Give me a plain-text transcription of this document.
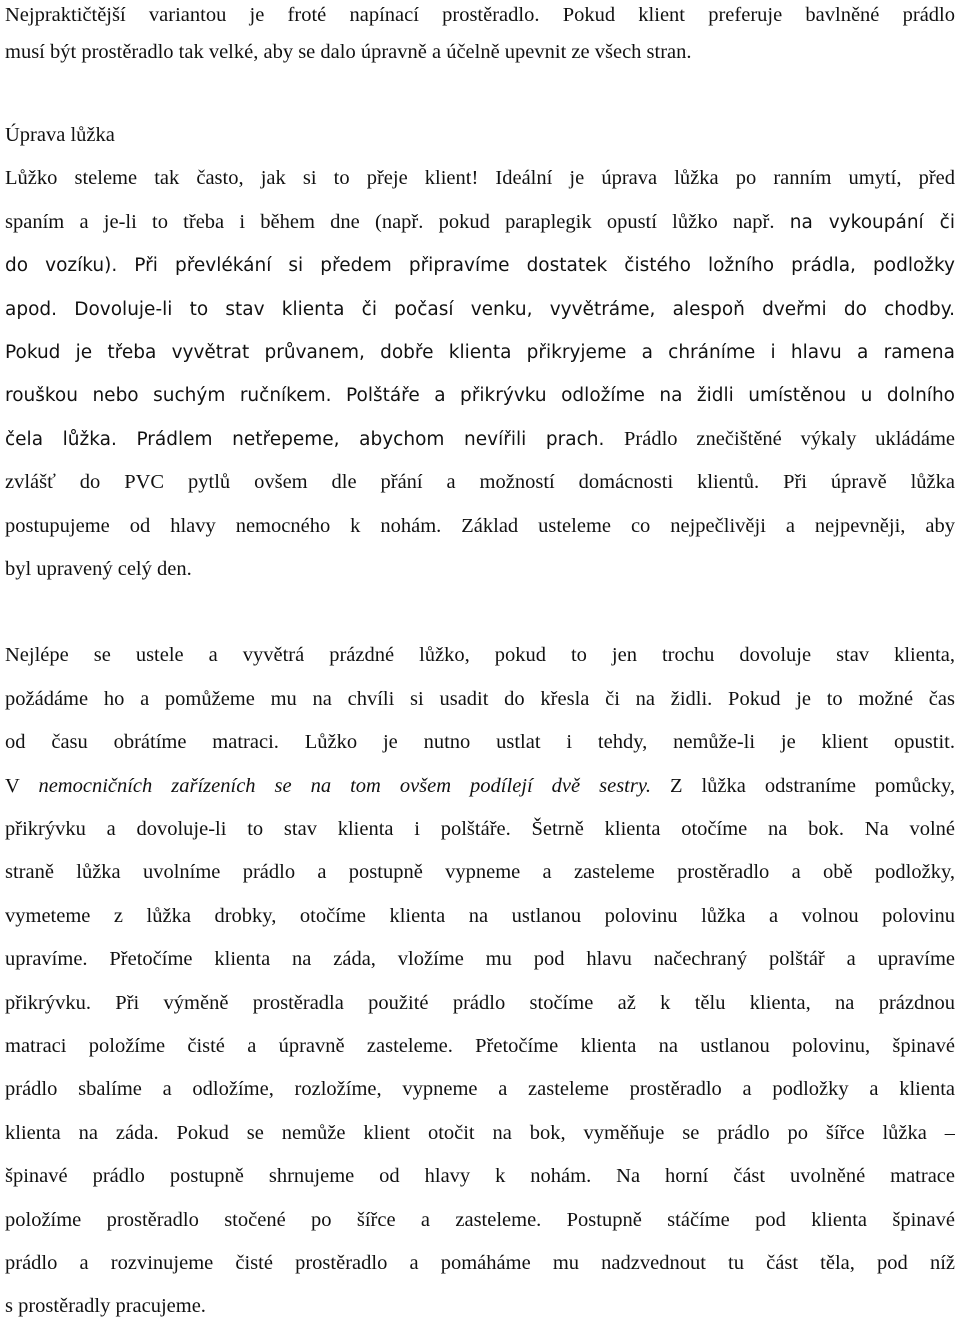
Nejpraktičtější variantou je froté napínací prostěradlo. Pokud klient preferuje bavlněné prádlo
musí být prostěradlo tak velké, aby se dalo úpravně a účelně upevnit ze všech stran.
Úprava lůžka
Lůžko steleme tak často, jak si to přeje klient! Ideální je úprava lůžka po ranním umytí, před
spaním a je-li to třeba i během dne (např. pokud paraplegik opustí lůžko např. na vykoupání či
do vozíku). Při převlékání si předem připravíme dostatek čistého ložního prádla, podložky
apod. Dovoluje-li to stav klienta či počasí venku, vyvětráme, alespoň dveřmi do chodby.
Pokud je třeba vyvětrat průvanem, dobře klienta přikryjeme a chráníme i hlavu a ramena
rouškou nebo suchým ručníkem. Polštáře a přikrývku odložíme na židli umístěnou u dolního
čela lůžka. Prádlem netřepeme, abychom nevířili prach. Prádlo znečištěné výkaly ukládáme
zvlášť do PVC pytlů ovšem dle přání a možností domácnosti klientů. Při úpravě lůžka
postupujeme od hlavy nemocného k nohám. Základ usteleme co nejpečlivěji a nejpevněji, aby
byl upravený celý den.
Nejlépe se ustele a vyvětrá prázdné lůžko, pokud to jen trochu dovoluje stav klienta,
požádáme ho a pomůžeme mu na chvíli si usadit do křesla či na židli. Pokud je to možné čas
od času obrátíme matraci. Lůžko je nutno ustlat i tehdy, nemůže-li je klient opustit.
V nemocničních zařízeních se na tom ovšem podílejí dvě sestry. Z lůžka odstraníme pomůcky,
přikrývku a dovoluje-li to stav klienta i polštáře. Šetrně klienta otočíme na bok. Na volné
straně lůžka uvolníme prádlo a postupně vypneme a zasteleme prostěradlo a obě podložky,
vymeteme z lůžka drobky, otočíme klienta na ustlanou polovinu lůžka a volnou polovinu
upravíme. Přetočíme klienta na záda, vložíme mu pod hlavu načechraný polštář a upravíme
přikrývku. Při výměně prostěradla použité prádlo stočíme až k tělu klienta, na prázdnou
matraci položíme čisté a úpravně zasteleme. Přetočíme klienta na ustlanou polovinu, špinavé
prádlo sbalíme a odložíme, rozložíme, vypneme a zasteleme prostěradlo a podložky a klienta
klienta na záda. Pokud se nemůže klient otočit na bok, vyměňuje se prádlo po šířce lůžka –
špinavé prádlo postupně shrnujeme od hlavy k nohám. Na horní část uvolněné matrace
položíme prostěradlo stočené po šířce a zasteleme. Postupně stáčíme pod klienta špinavé
prádlo a rozvinujeme čisté prostěradlo a pomáháme mu nadzvednout tu část těla, pod níž
s prostěradly pracujeme.
